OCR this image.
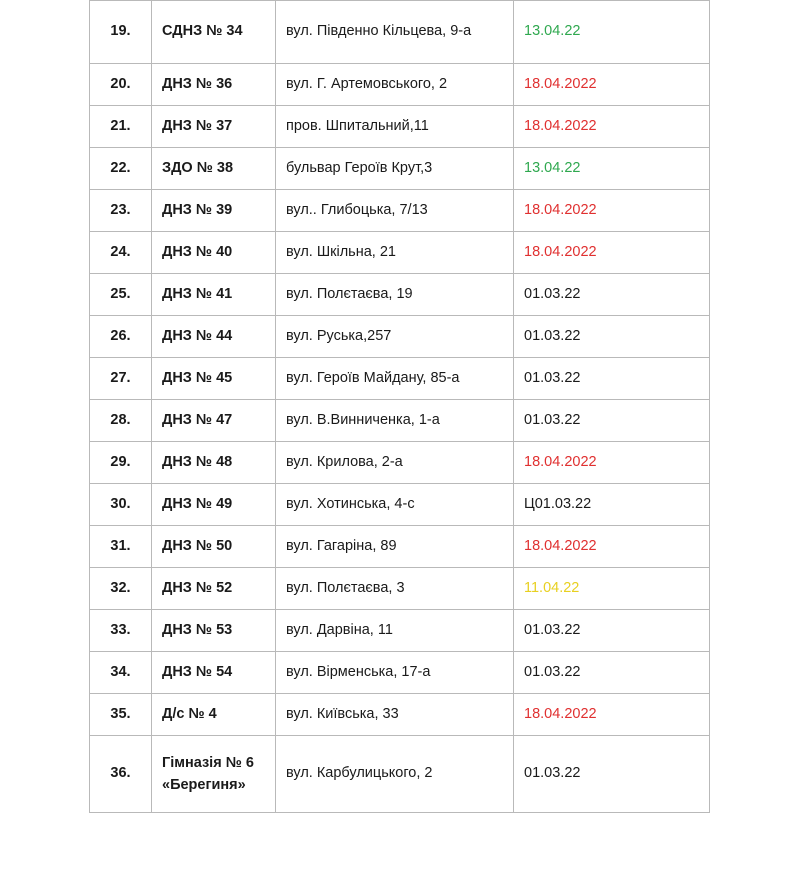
19.	СДНЗ № 34	вул. Південно Кільцева, 9-а	13.04.22
20.	ДНЗ № 36	вул. Г. Артемовського, 2	18.04.2022
21.	ДНЗ № 37	пров. Шпитальний,11	18.04.2022
22.	ЗДО № 38	бульвар Героїв Крут,3	13.04.22
23.	ДНЗ № 39	вул.. Глибоцька, 7/13	18.04.2022
24.	ДНЗ № 40	вул. Шкільна, 21	18.04.2022
25.	ДНЗ № 41	вул. Полєтаєва, 19	01.03.22
26.	ДНЗ № 44	вул. Руська,257	01.03.22
27.	ДНЗ № 45	вул. Героїв Майдану, 85-а	01.03.22
28.	ДНЗ № 47	вул. В.Винниченка, 1-а	01.03.22
29.	ДНЗ № 48	вул. Крилова, 2-а	18.04.2022
30.	ДНЗ № 49	вул. Хотинська, 4-с	Ц01.03.22
31.	ДНЗ № 50	вул. Гагаріна, 89	18.04.2022
32.	ДНЗ № 52	вул. Полєтаєва, 3	11.04.22
33.	ДНЗ № 53	вул. Дарвіна, 11	01.03.22
34.	ДНЗ № 54	вул. Вірменська, 17-а	01.03.22
35.	Д/с № 4	вул. Київська, 33	18.04.2022
36.	Гімназія № 6
«Берегиня»	вул. Карбулицького, 2	01.03.22
